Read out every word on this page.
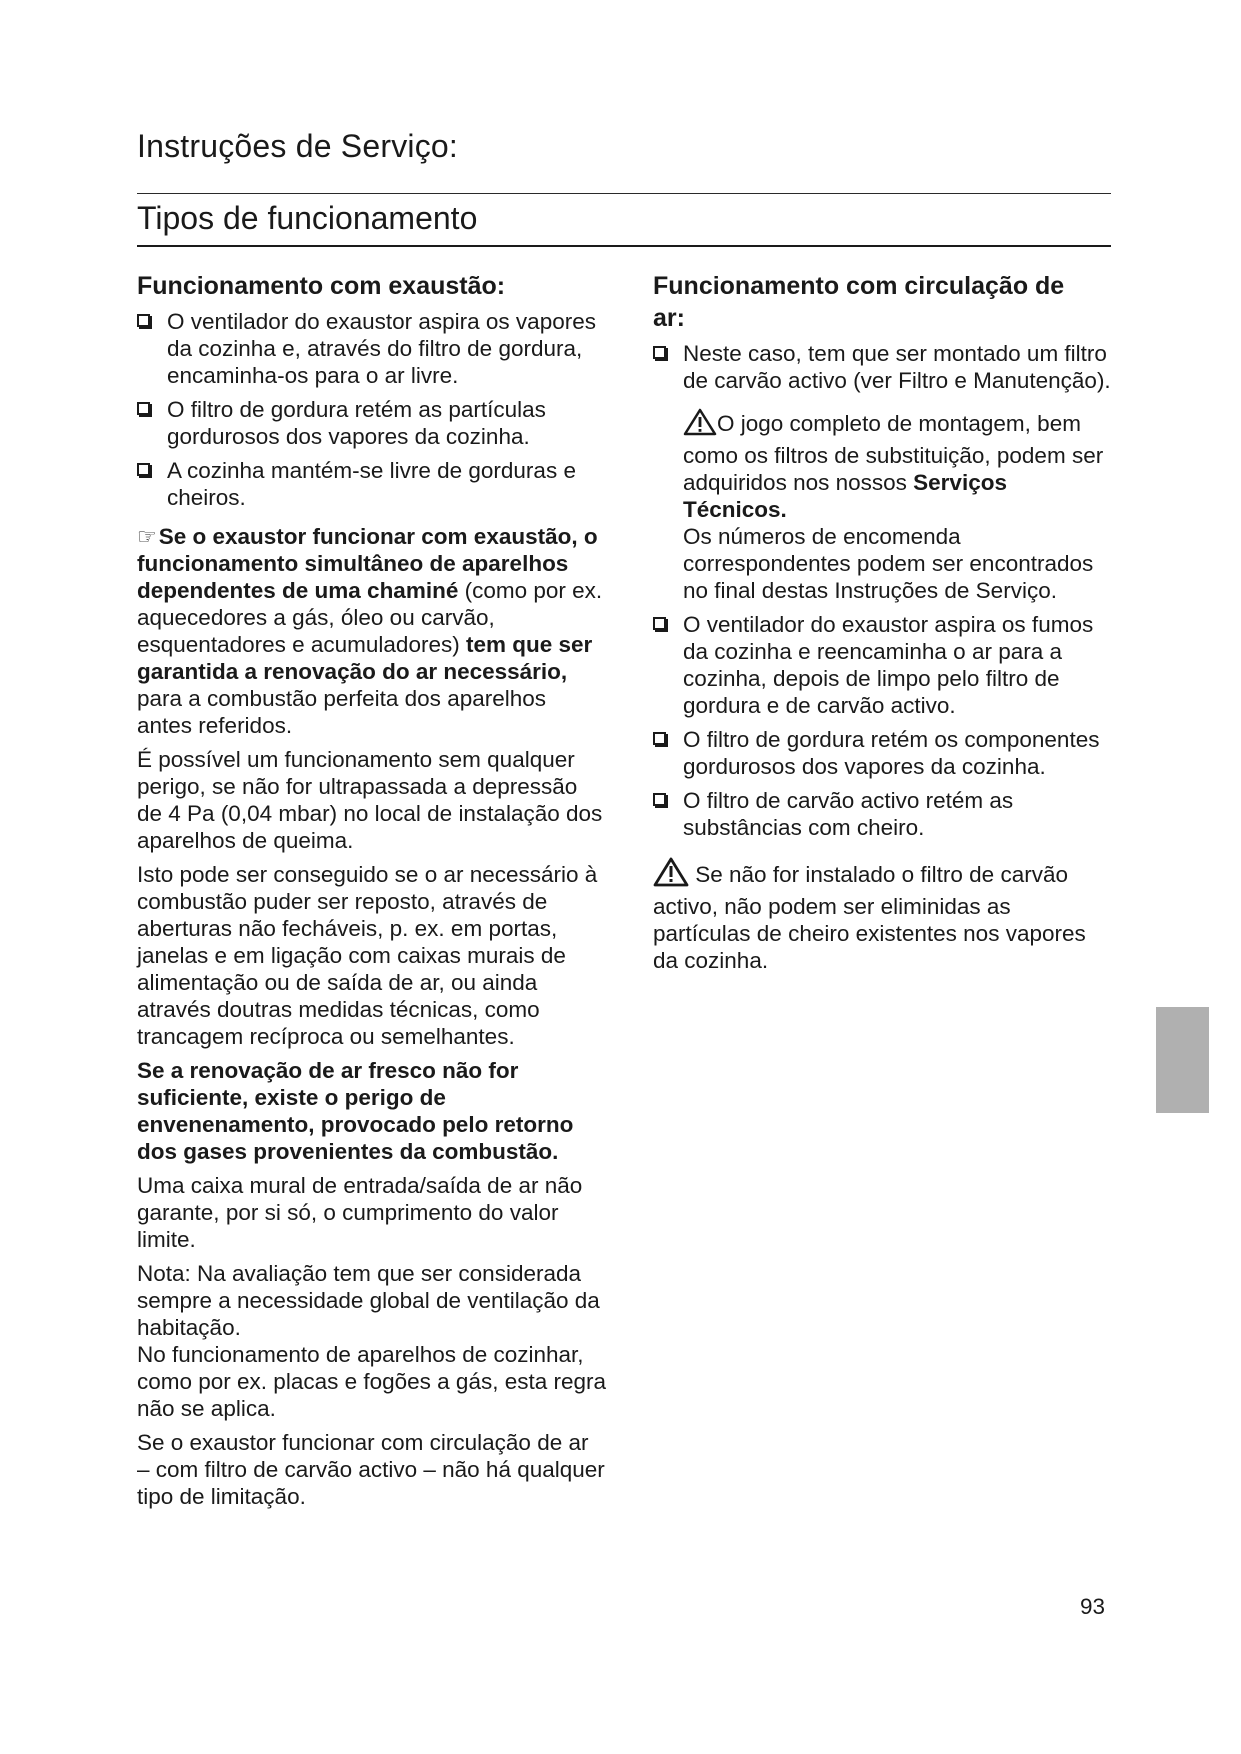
Instruções de Serviço:
Tipos de funcionamento
Funcionamento com exaustão:
O ventilador do exaustor aspira os vapores da cozinha e, através do filtro de gordura, encaminha-os para o ar livre.
O filtro de gordura retém as partículas gordurosos dos vapores da cozinha.
A cozinha mantém-se livre de gorduras e cheiros.

☞Se o exaustor funcionar com exaustão, o funcionamento simultâneo de aparelhos dependentes de uma chaminé (como por ex. aquecedores a gás, óleo ou carvão, esquentadores e acumuladores) tem que ser garantida a renovação do ar necessário, para a combustão perfeita dos aparelhos antes referidos.

É possível um funcionamento sem qualquer perigo, se não for ultrapassada a depressão de 4 Pa (0,04 mbar) no local de instalação dos aparelhos de queima.

Isto pode ser conseguido se o ar necessário à combustão puder ser reposto, através de aberturas não fecháveis, p. ex. em portas, janelas e em ligação com caixas murais de alimentação ou de saída de ar, ou ainda através doutras medidas técnicas, como trancagem recíproca ou semelhantes.

Se a renovação de ar fresco não for suficiente, existe o perigo de envenenamento, provocado pelo retorno dos gases provenientes da combustão.

Uma caixa mural de entrada/saída de ar não garante, por si só, o cumprimento do valor limite.

Nota: Na avaliação tem que ser considerada sempre a necessidade global de ventilação da habitação.

No funcionamento de aparelhos de cozinhar, como por ex. placas e fogões a gás, esta regra não se aplica.

Se o exaustor funcionar com circulação de ar – com filtro de carvão activo – não há qualquer tipo de limitação.

Funcionamento com circulação de ar:
Neste caso, tem que ser montado um filtro de carvão activo (ver Filtro e Manutenção).
O jogo completo de montagem, bem como os filtros de substituição, podem ser adquiridos nos nossos Serviços Técnicos.
Os números de encomenda correspondentes podem ser encontrados no final destas Instruções de Serviço.
O ventilador do exaustor aspira os fumos da cozinha e reencaminha o ar para a cozinha, depois de limpo pelo filtro de gordura e de carvão activo.
O filtro de gordura retém os componentes gordurosos dos vapores da cozinha.
O filtro de carvão activo retém as substâncias com cheiro.

Se não for instalado o filtro de carvão activo, não podem ser eliminidas as partículas de cheiro existentes nos vapores da cozinha.

93
